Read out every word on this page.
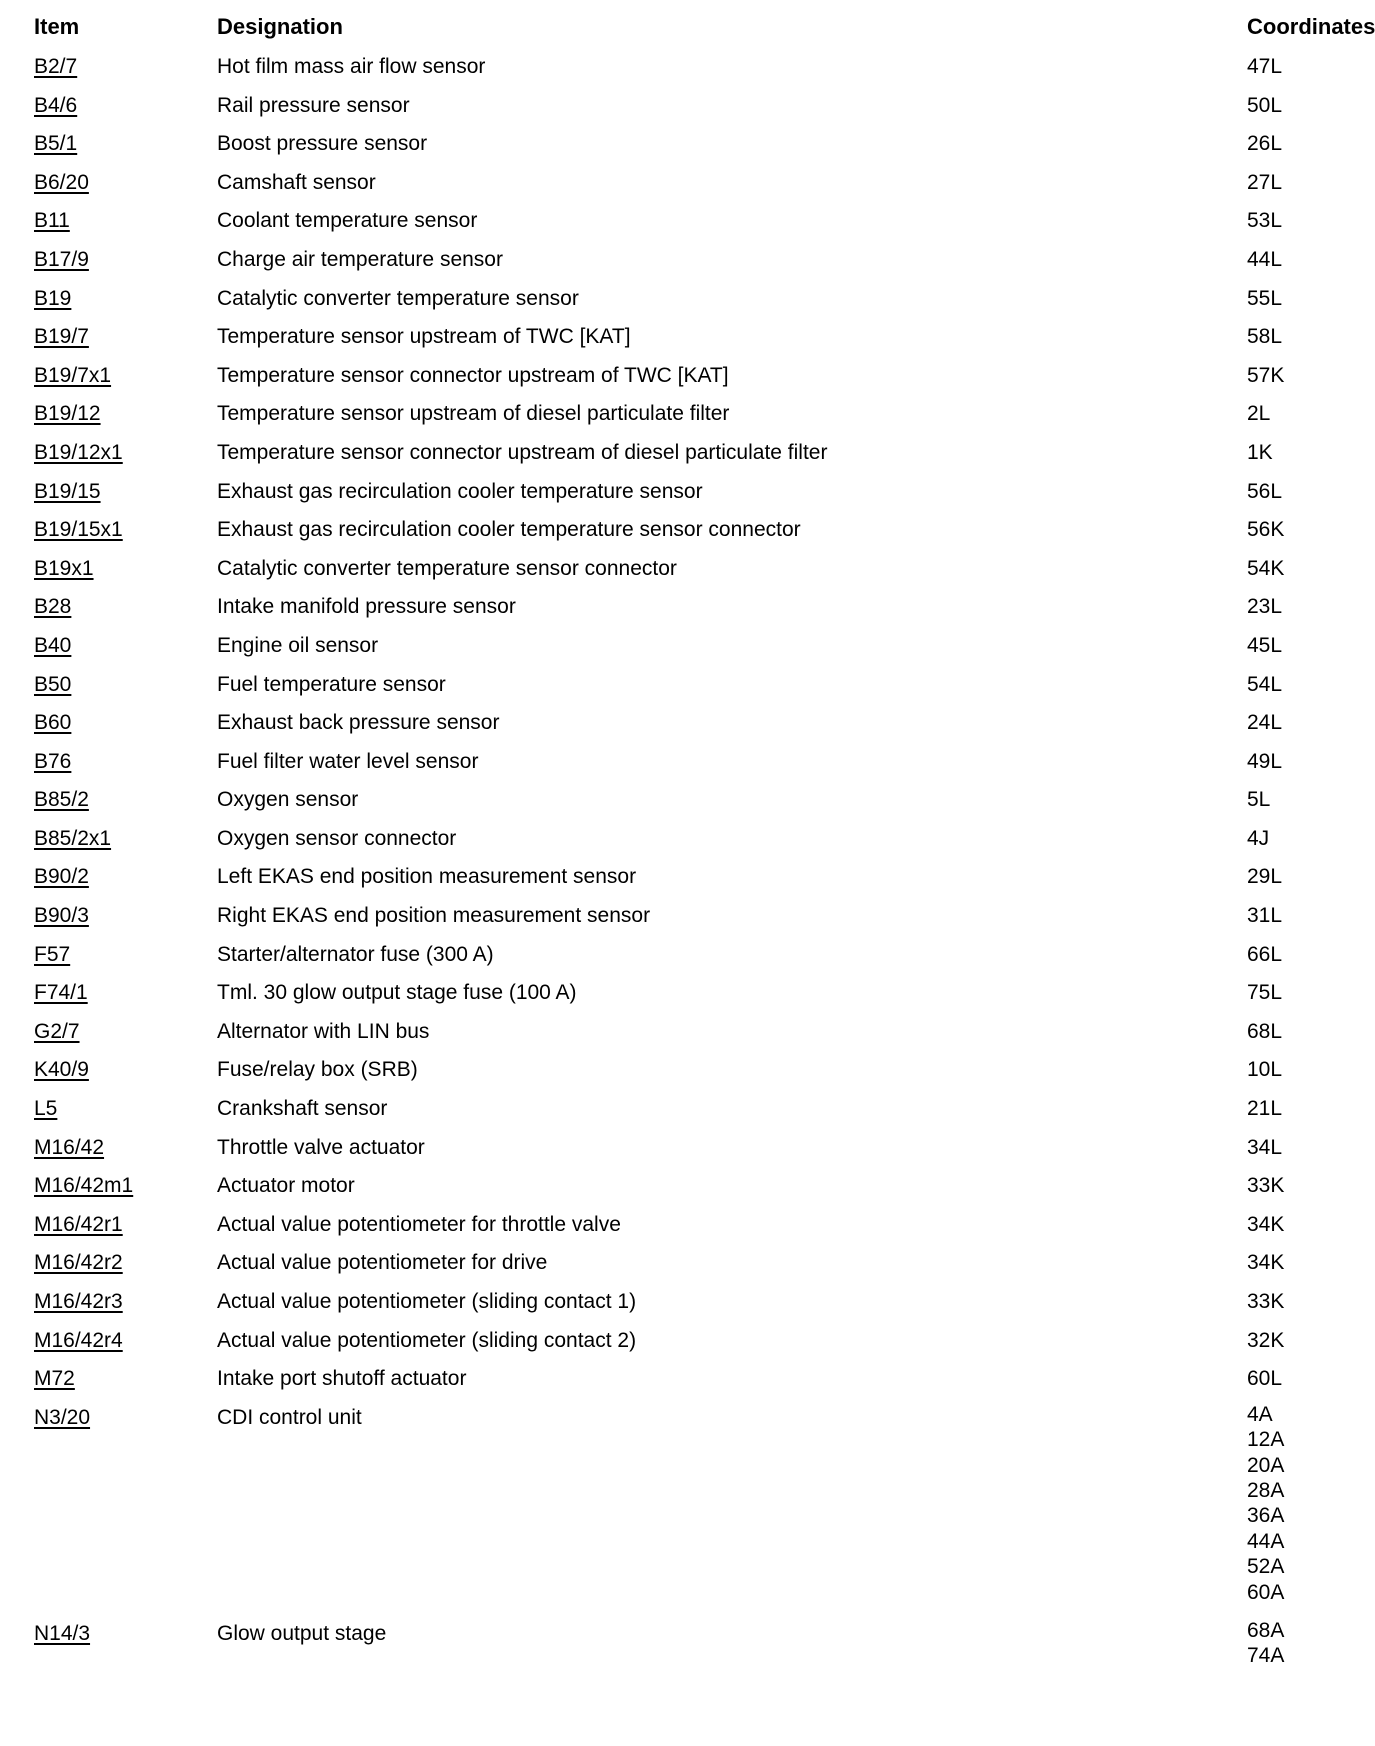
Item	Designation	Coordinates
B2/7	Hot film mass air flow sensor	47L
B4/6	Rail pressure sensor	50L
B5/1	Boost pressure sensor	26L
B6/20	Camshaft sensor	27L
B11	Coolant temperature sensor	53L
B17/9	Charge air temperature sensor	44L
B19	Catalytic converter temperature sensor	55L
B19/7	Temperature sensor upstream of TWC [KAT]	58L
B19/7x1	Temperature sensor connector upstream of TWC [KAT]	57K
B19/12	Temperature sensor upstream of diesel particulate filter	2L
B19/12x1	Temperature sensor connector upstream of diesel particulate filter	1K
B19/15	Exhaust gas recirculation cooler temperature sensor	56L
B19/15x1	Exhaust gas recirculation cooler temperature sensor connector	56K
B19x1	Catalytic converter temperature sensor connector	54K
B28	Intake manifold pressure sensor	23L
B40	Engine oil sensor	45L
B50	Fuel temperature sensor	54L
B60	Exhaust back pressure sensor	24L
B76	Fuel filter water level sensor	49L
B85/2	Oxygen sensor	5L
B85/2x1	Oxygen sensor connector	4J
B90/2	Left EKAS end position measurement sensor	29L
B90/3	Right EKAS end position measurement sensor	31L
F57	Starter/alternator fuse (300 A)	66L
F74/1	Tml. 30 glow output stage fuse (100 A)	75L
G2/7	Alternator with LIN bus	68L
K40/9	Fuse/relay box (SRB)	10L
L5	Crankshaft sensor	21L
M16/42	Throttle valve actuator	34L
M16/42m1	Actuator motor	33K
M16/42r1	Actual value potentiometer for throttle valve	34K
M16/42r2	Actual value potentiometer for drive	34K
M16/42r3	Actual value potentiometer (sliding contact 1)	33K
M16/42r4	Actual value potentiometer (sliding contact 2)	32K
M72	Intake port shutoff actuator	60L
N3/20	CDI control unit	4A
12A
20A
28A
36A
44A
52A
60A
N14/3	Glow output stage	68A
74A
